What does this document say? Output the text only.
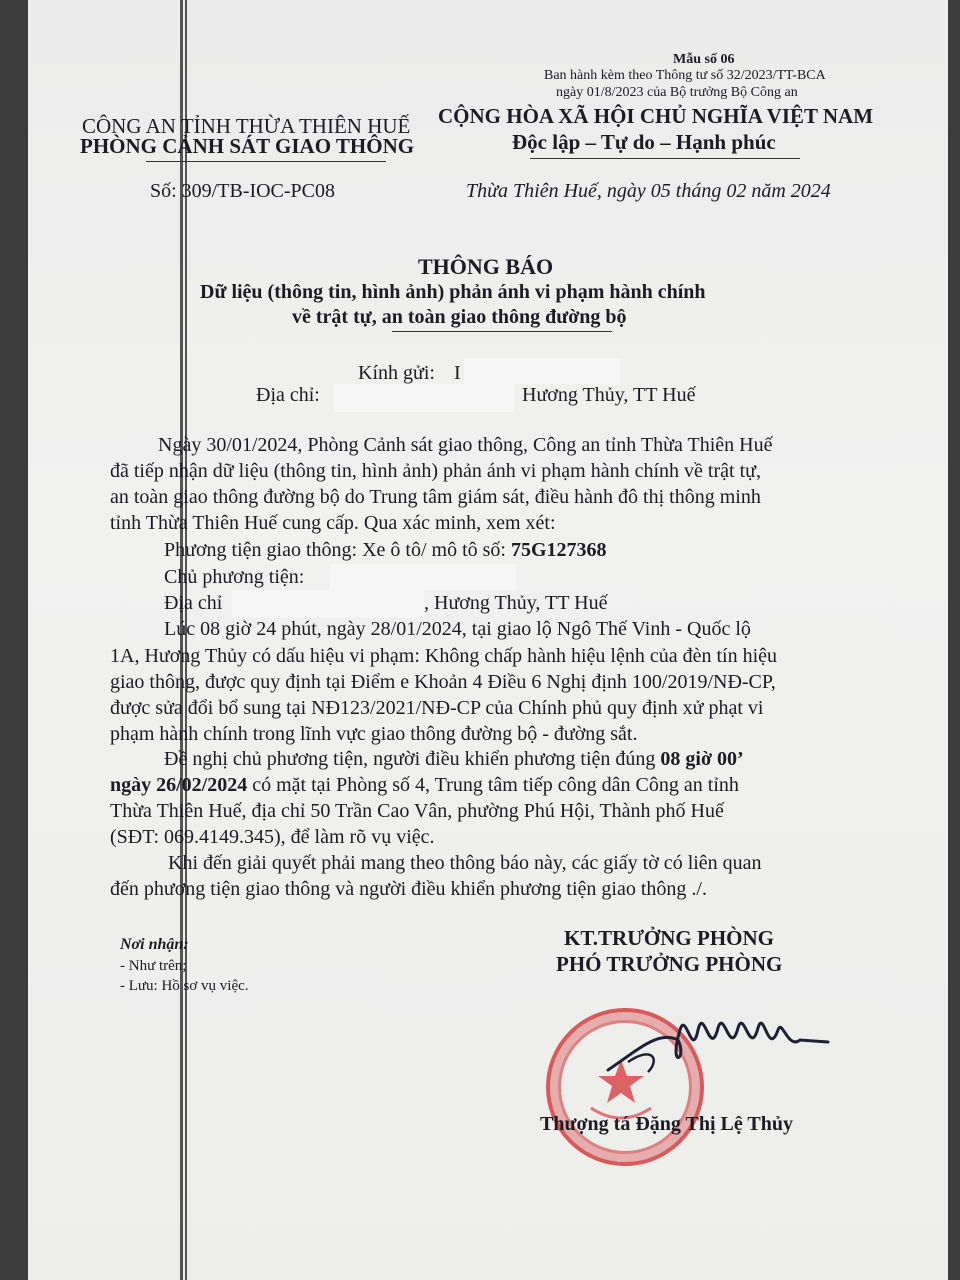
Mẫu số 06
Ban hành kèm theo Thông tư số 32/2023/TT-BCA
ngày 01/8/2023 của Bộ trưởng Bộ Công an
CÔNG AN TỈNH THỪA THIÊN HUẾ
PHÒNG CẢNH SÁT GIAO THÔNG
CỘNG HÒA XÃ HỘI CHỦ NGHĨA VIỆT NAM
Độc lập – Tự do – Hạnh phúc
Số: 309/TB-IOC-PC08	Thừa Thiên Huế, ngày 05 tháng 02 năm 2024
THÔNG BÁO
Dữ liệu (thông tin, hình ảnh) phản ánh vi phạm hành chính
về trật tự, an toàn giao thông đường bộ
Kính gửi: I
Địa chỉ:	Hương Thủy, TT Huế
Ngày 30/01/2024, Phòng Cảnh sát giao thông, Công an tỉnh Thừa Thiên Huế
đã tiếp nhận dữ liệu (thông tin, hình ảnh) phản ánh vi phạm hành chính về trật tự,
an toàn giao thông đường bộ do Trung tâm giám sát, điều hành đô thị thông minh
tỉnh Thừa Thiên Huế cung cấp. Qua xác minh, xem xét:
Phương tiện giao thông: Xe ô tô/ mô tô số: 75G127368
Chủ phương tiện:
Địa chỉ	, Hương Thủy, TT Huế
Lúc 08 giờ 24 phút, ngày 28/01/2024, tại giao lộ Ngô Thế Vinh - Quốc lộ
1A, Hương Thủy có dấu hiệu vi phạm: Không chấp hành hiệu lệnh của đèn tín hiệu
giao thông, được quy định tại Điểm e Khoản 4 Điều 6 Nghị định 100/2019/NĐ-CP,
được sửa đổi bổ sung tại NĐ123/2021/NĐ-CP của Chính phủ quy định xử phạt vi
phạm hành chính trong lĩnh vực giao thông đường bộ - đường sắt.
Đề nghị chủ phương tiện, người điều khiển phương tiện đúng 08 giờ 00’
ngày 26/02/2024 có mặt tại Phòng số 4, Trung tâm tiếp công dân Công an tỉnh
Thừa Thiên Huế, địa chỉ 50 Trần Cao Vân, phường Phú Hội, Thành phố Huế
(SĐT: 069.4149.345), để làm rõ vụ việc.
Khi đến giải quyết phải mang theo thông báo này, các giấy tờ có liên quan
đến phương tiện giao thông và người điều khiển phương tiện giao thông ./.
Nơi nhận:
- Như trên;
- Lưu: Hồ sơ vụ việc.
KT.TRƯỞNG PHÒNG
PHÓ TRƯỞNG PHÒNG
Thượng tá Đặng Thị Lệ Thủy
